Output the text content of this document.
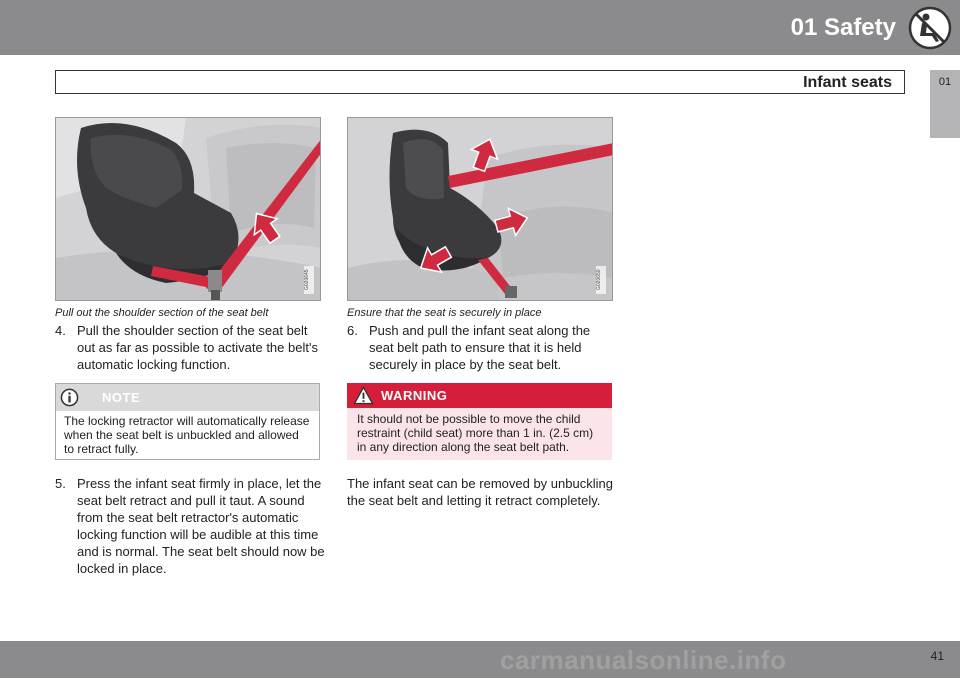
01 Safety
Infant seats	01
G020645
Pull out the shoulder section of the seat belt
G020650
Ensure that the seat is securely in place
4. Pull the shoulder section of the seat belt out as far as possible to activate the belt's automatic locking function.
NOTE
The locking retractor will automatically release when the seat belt is unbuckled and allowed to retract fully.
5. Press the infant seat firmly in place, let the seat belt retract and pull it taut. A sound from the seat belt retractor's automatic locking function will be audible at this time and is normal. The seat belt should now be locked in place.
6. Push and pull the infant seat along the seat belt path to ensure that it is held securely in place by the seat belt.
WARNING
It should not be possible to move the child restraint (child seat) more than 1 in. (2.5 cm) in any direction along the seat belt path.
The infant seat can be removed by unbuckling the seat belt and letting it retract completely.
41
carmanualsonline.info
